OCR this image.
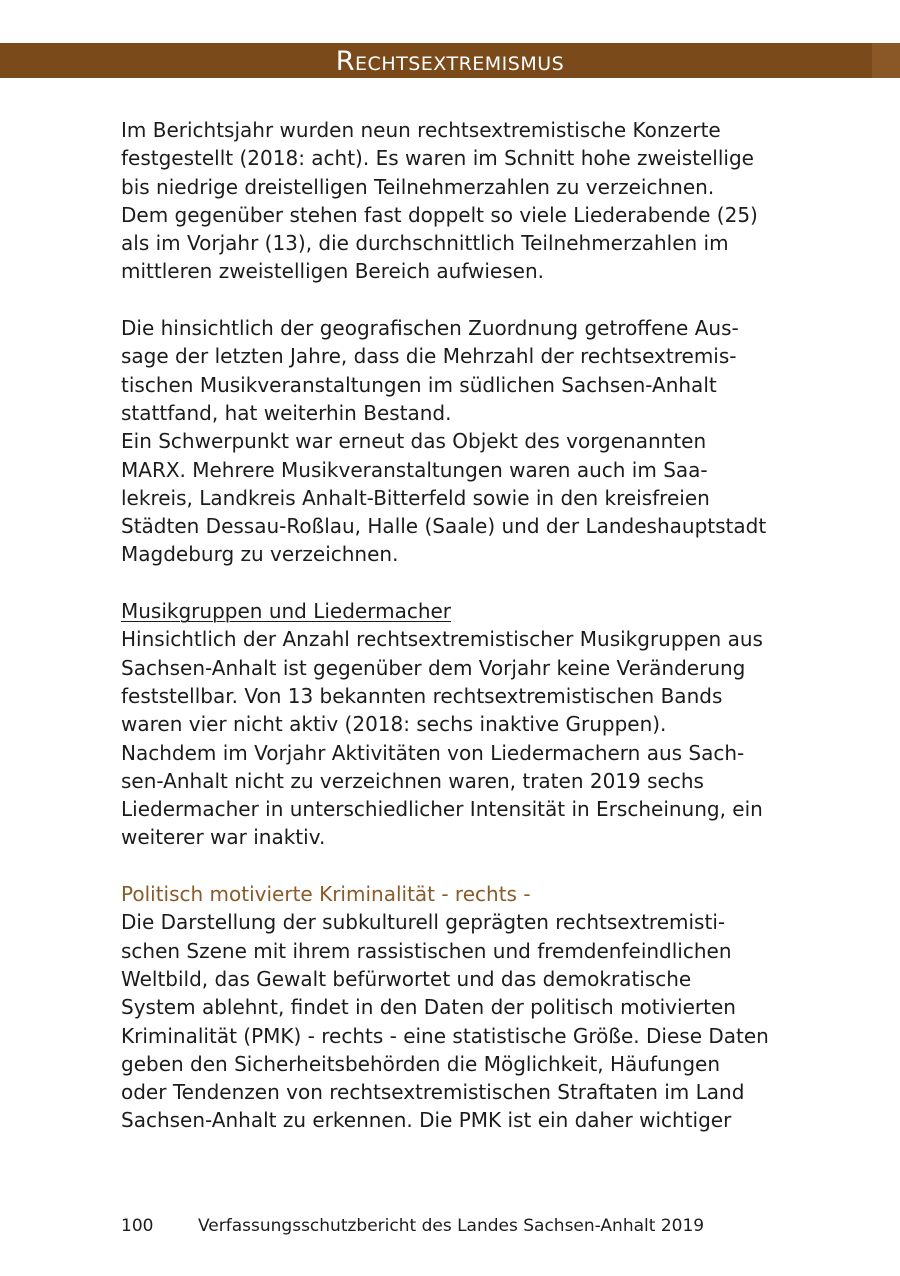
Rechtsextremismus

Im Berichtsjahr wurden neun rechtsextremistische Konzerte
festgestellt (2018: acht). Es waren im Schnitt hohe zweistellige
bis niedrige dreistelligen Teilnehmerzahlen zu verzeichnen.
Dem gegenüber stehen fast doppelt so viele Liederabende (25)
als im Vorjahr (13), die durchschnittlich Teilnehmerzahlen im
mittleren zweistelligen Bereich aufwiesen.

Die hinsichtlich der geografischen Zuordnung getroffene Aus-
sage der letzten Jahre, dass die Mehrzahl der rechtsextremis-
tischen Musikveranstaltungen im südlichen Sachsen-Anhalt
stattfand, hat weiterhin Bestand.
Ein Schwerpunkt war erneut das Objekt des vorgenannten
MARX. Mehrere Musikveranstaltungen waren auch im Saa-
lekreis, Landkreis Anhalt-Bitterfeld sowie in den kreisfreien
Städten Dessau-Roßlau, Halle (Saale) und der Landeshauptstadt
Magdeburg zu verzeichnen.

Musikgruppen und Liedermacher
Hinsichtlich der Anzahl rechtsextremistischer Musikgruppen aus
Sachsen-Anhalt ist gegenüber dem Vorjahr keine Veränderung
feststellbar. Von 13 bekannten rechtsextremistischen Bands
waren vier nicht aktiv (2018: sechs inaktive Gruppen).
Nachdem im Vorjahr Aktivitäten von Liedermachern aus Sach-
sen-Anhalt nicht zu verzeichnen waren, traten 2019 sechs
Liedermacher in unterschiedlicher Intensität in Erscheinung, ein
weiterer war inaktiv.

Politisch motivierte Kriminalität - rechts -
Die Darstellung der subkulturell geprägten rechtsextremisti-
schen Szene mit ihrem rassistischen und fremdenfeindlichen
Weltbild, das Gewalt befürwortet und das demokratische
System ablehnt, findet in den Daten der politisch motivierten
Kriminalität (PMK) - rechts - eine statistische Größe. Diese Daten
geben den Sicherheitsbehörden die Möglichkeit, Häufungen
oder Tendenzen von rechtsextremistischen Straftaten im Land
Sachsen-Anhalt zu erkennen. Die PMK ist ein daher wichtiger

100	Verfassungsschutzbericht des Landes Sachsen-Anhalt 2019
